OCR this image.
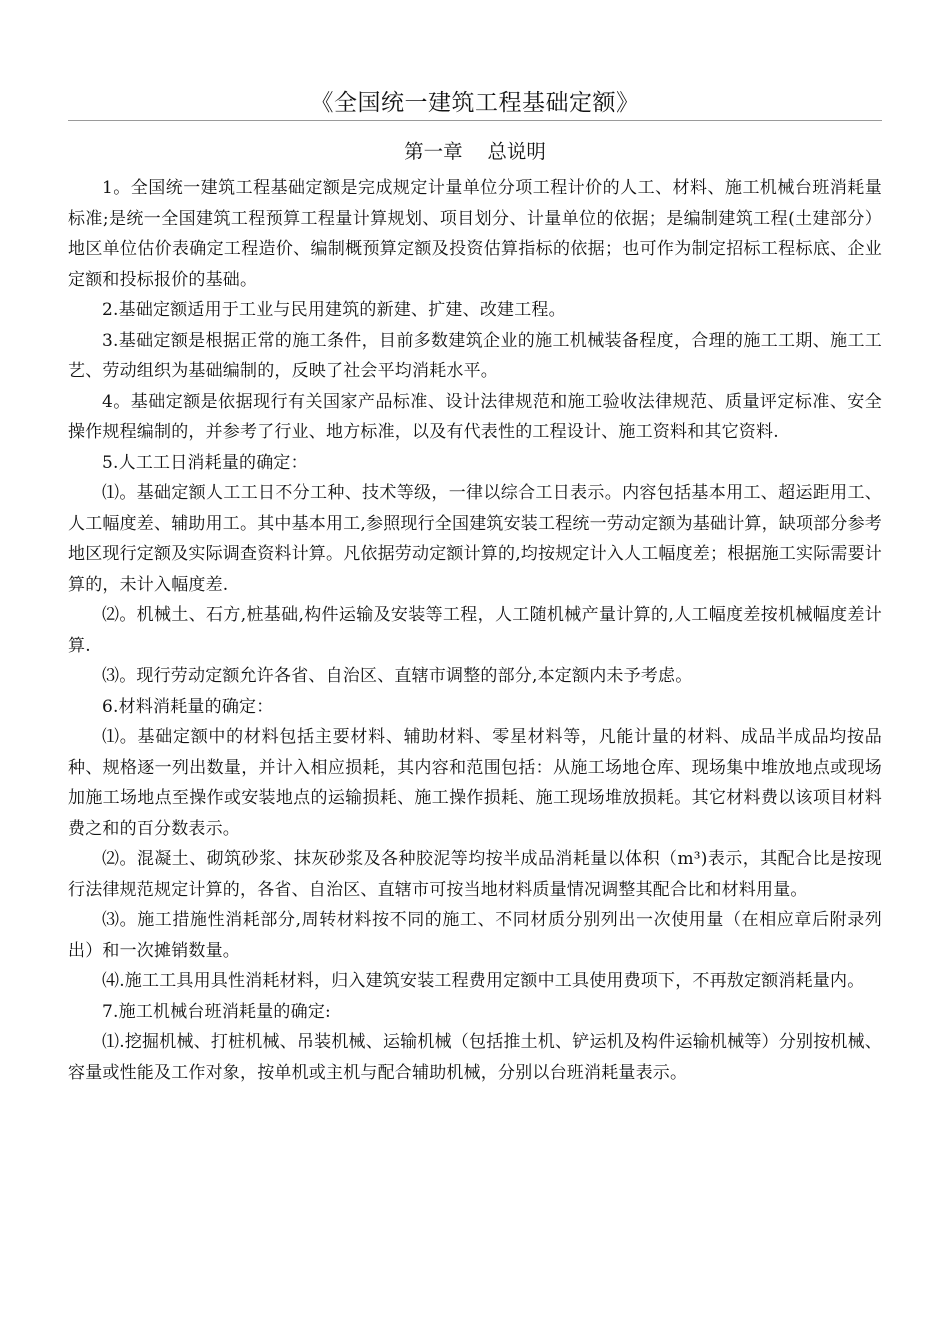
《全国统一建筑工程基础定额》
第一章    总说明

1。全国统一建筑工程基础定额是完成规定计量单位分项工程计价的人工、材料、施工机械台班消耗量标准;是统一全国建筑工程预算工程量计算规划、项目划分、计量单位的依据；是编制建筑工程(土建部分）地区单位估价表确定工程造价、编制概预算定额及投资估算指标的依据；也可作为制定招标工程标底、企业定额和投标报价的基础。

2.基础定额适用于工业与民用建筑的新建、扩建、改建工程。

3.基础定额是根据正常的施工条件，目前多数建筑企业的施工机械装备程度，合理的施工工期、施工工艺、劳动组织为基础编制的，反映了社会平均消耗水平。

4。基础定额是依据现行有关国家产品标准、设计法律规范和施工验收法律规范、质量评定标准、安全操作规程编制的，并参考了行业、地方标准，以及有代表性的工程设计、施工资料和其它资料.

5.人工工日消耗量的确定：

⑴。基础定额人工工日不分工种、技术等级，一律以综合工日表示。内容包括基本用工、超运距用工、人工幅度差、辅助用工。其中基本用工,参照现行全国建筑安装工程统一劳动定额为基础计算，缺项部分参考地区现行定额及实际调查资料计算。凡依据劳动定额计算的,均按规定计入人工幅度差；根据施工实际需要计算的，未计入幅度差.

⑵。机械土、石方,桩基础,构件运输及安装等工程，人工随机械产量计算的,人工幅度差按机械幅度差计算.

⑶。现行劳动定额允许各省、自治区、直辖市调整的部分,本定额内未予考虑。

6.材料消耗量的确定：

⑴。基础定额中的材料包括主要材料、辅助材料、零星材料等，凡能计量的材料、成品半成品均按品种、规格逐一列出数量，并计入相应损耗，其内容和范围包括：从施工场地仓库、现场集中堆放地点或现场加施工场地点至操作或安装地点的运输损耗、施工操作损耗、施工现场堆放损耗。其它材料费以该项目材料费之和的百分数表示。

⑵。混凝土、砌筑砂浆、抹灰砂浆及各种胶泥等均按半成品消耗量以体积（m³)表示，其配合比是按现行法律规范规定计算的，各省、自治区、直辖市可按当地材料质量情况调整其配合比和材料用量。

⑶。施工措施性消耗部分,周转材料按不同的施工、不同材质分别列出一次使用量（在相应章后附录列出）和一次摊销数量。

⑷.施工工具用具性消耗材料，归入建筑安装工程费用定额中工具使用费项下，不再敖定额消耗量内。

7.施工机械台班消耗量的确定:

⑴.挖掘机械、打桩机械、吊装机械、运输机械（包括推土机、铲运机及构件运输机械等）分别按机械、容量或性能及工作对象，按单机或主机与配合辅助机械，分别以台班消耗量表示。
